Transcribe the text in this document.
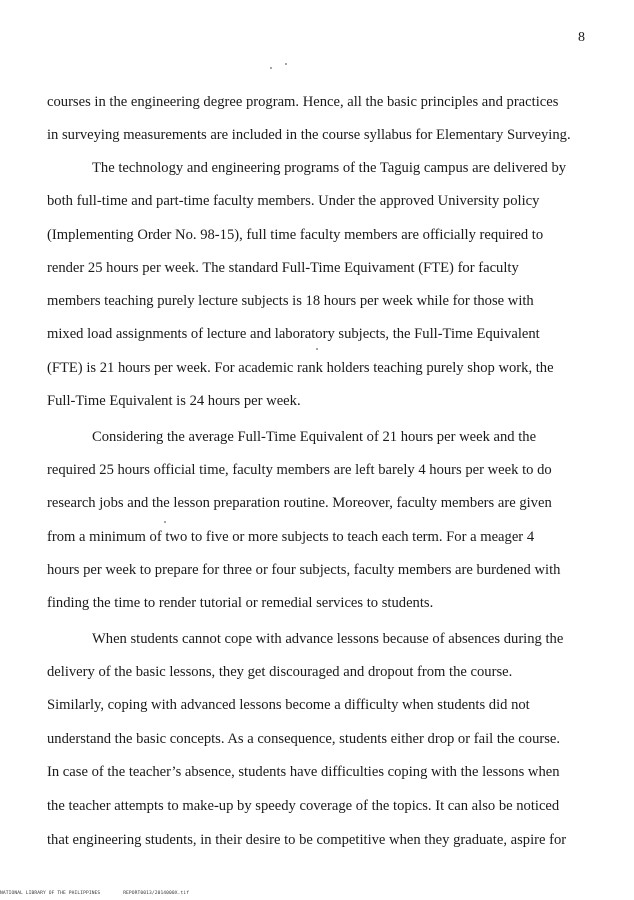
8
courses in the engineering degree program. Hence, all the basic principles and practices
in surveying measurements are included in the course syllabus for Elementary Surveying.
The technology and engineering programs of the Taguig campus are delivered by
both full-time and part-time faculty members. Under the approved University policy
(Implementing Order No. 98-15), full time faculty members are officially required to
render 25 hours per week. The standard Full-Time Equivament (FTE) for faculty
members teaching purely lecture subjects is 18 hours per week while for those with
mixed load assignments of lecture and laboratory subjects, the Full-Time Equivalent
(FTE) is 21 hours per week. For academic rank holders teaching purely shop work, the
Full-Time Equivalent is 24 hours per week.
Considering the average Full-Time Equivalent of 21 hours per week and the
required 25 hours official time, faculty members are left barely 4 hours per week to do
research jobs and the lesson preparation routine. Moreover, faculty members are given
from a minimum of two to five or more subjects to teach each term. For a meager 4
hours per week to prepare for three or four subjects, faculty members are burdened with
finding the time to render tutorial or remedial services to students.
When students cannot cope with advance lessons because of absences during the
delivery of the basic lessons, they get discouraged and dropout from the course.
Similarly, coping with advanced lessons become a difficulty when students did not
understand the basic concepts. As a consequence, students either drop or fail the course.
In case of the teacher’s absence, students have difficulties coping with the lessons when
the teacher attempts to make-up by speedy coverage of the topics. It can also be noticed
that engineering students, in their desire to be competitive when they graduate, aspire for
NATIONAL LIBRARY OF THE PHILIPPINES	REPORT0013/2014000X.tif
